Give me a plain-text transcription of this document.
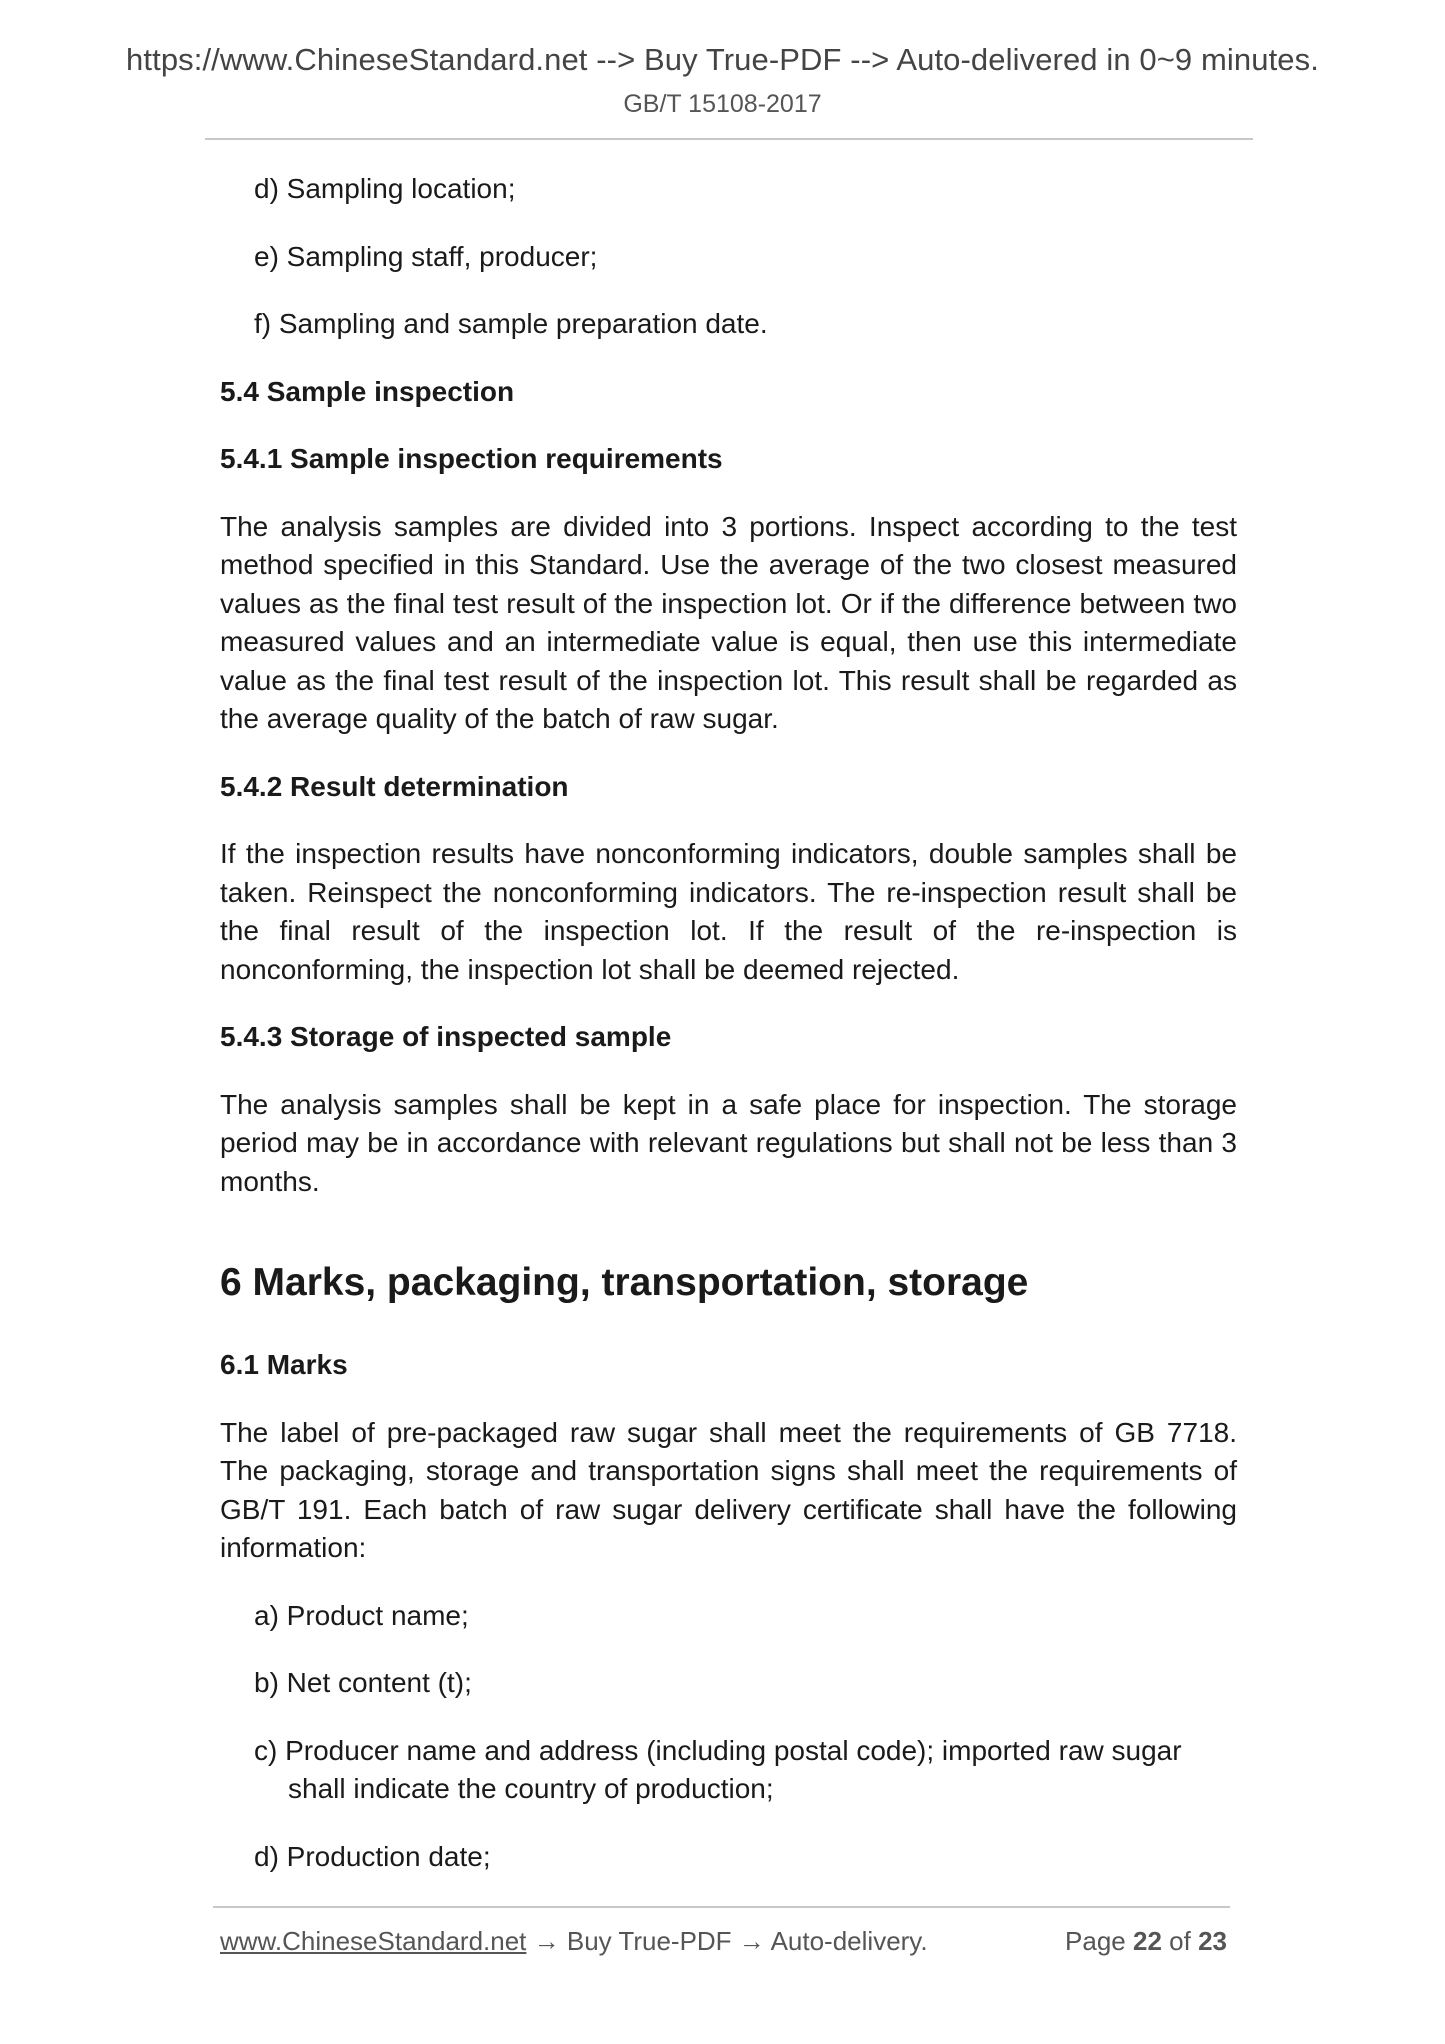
https://www.ChineseStandard.net --> Buy True-PDF --> Auto-delivered in 0~9 minutes.
GB/T 15108-2017
d) Sampling location;
e) Sampling staff, producer;
f) Sampling and sample preparation date.
5.4 Sample inspection
5.4.1 Sample inspection requirements
The analysis samples are divided into 3 portions. Inspect according to the test method specified in this Standard. Use the average of the two closest measured values as the final test result of the inspection lot. Or if the difference between two measured values and an intermediate value is equal, then use this intermediate value as the final test result of the inspection lot. This result shall be regarded as the average quality of the batch of raw sugar.
5.4.2 Result determination
If the inspection results have nonconforming indicators, double samples shall be taken. Reinspect the nonconforming indicators. The re-inspection result shall be the final result of the inspection lot. If the result of the re-inspection is nonconforming, the inspection lot shall be deemed rejected.
5.4.3 Storage of inspected sample
The analysis samples shall be kept in a safe place for inspection. The storage period may be in accordance with relevant regulations but shall not be less than 3 months.
6 Marks, packaging, transportation, storage
6.1 Marks
The label of pre-packaged raw sugar shall meet the requirements of GB 7718. The packaging, storage and transportation signs shall meet the requirements of GB/T 191. Each batch of raw sugar delivery certificate shall have the following information:
a) Product name;
b) Net content (t);
c) Producer name and address (including postal code); imported raw sugar shall indicate the country of production;
d) Production date;
www.ChineseStandard.net → Buy True-PDF → Auto-delivery.	Page 22 of 23
